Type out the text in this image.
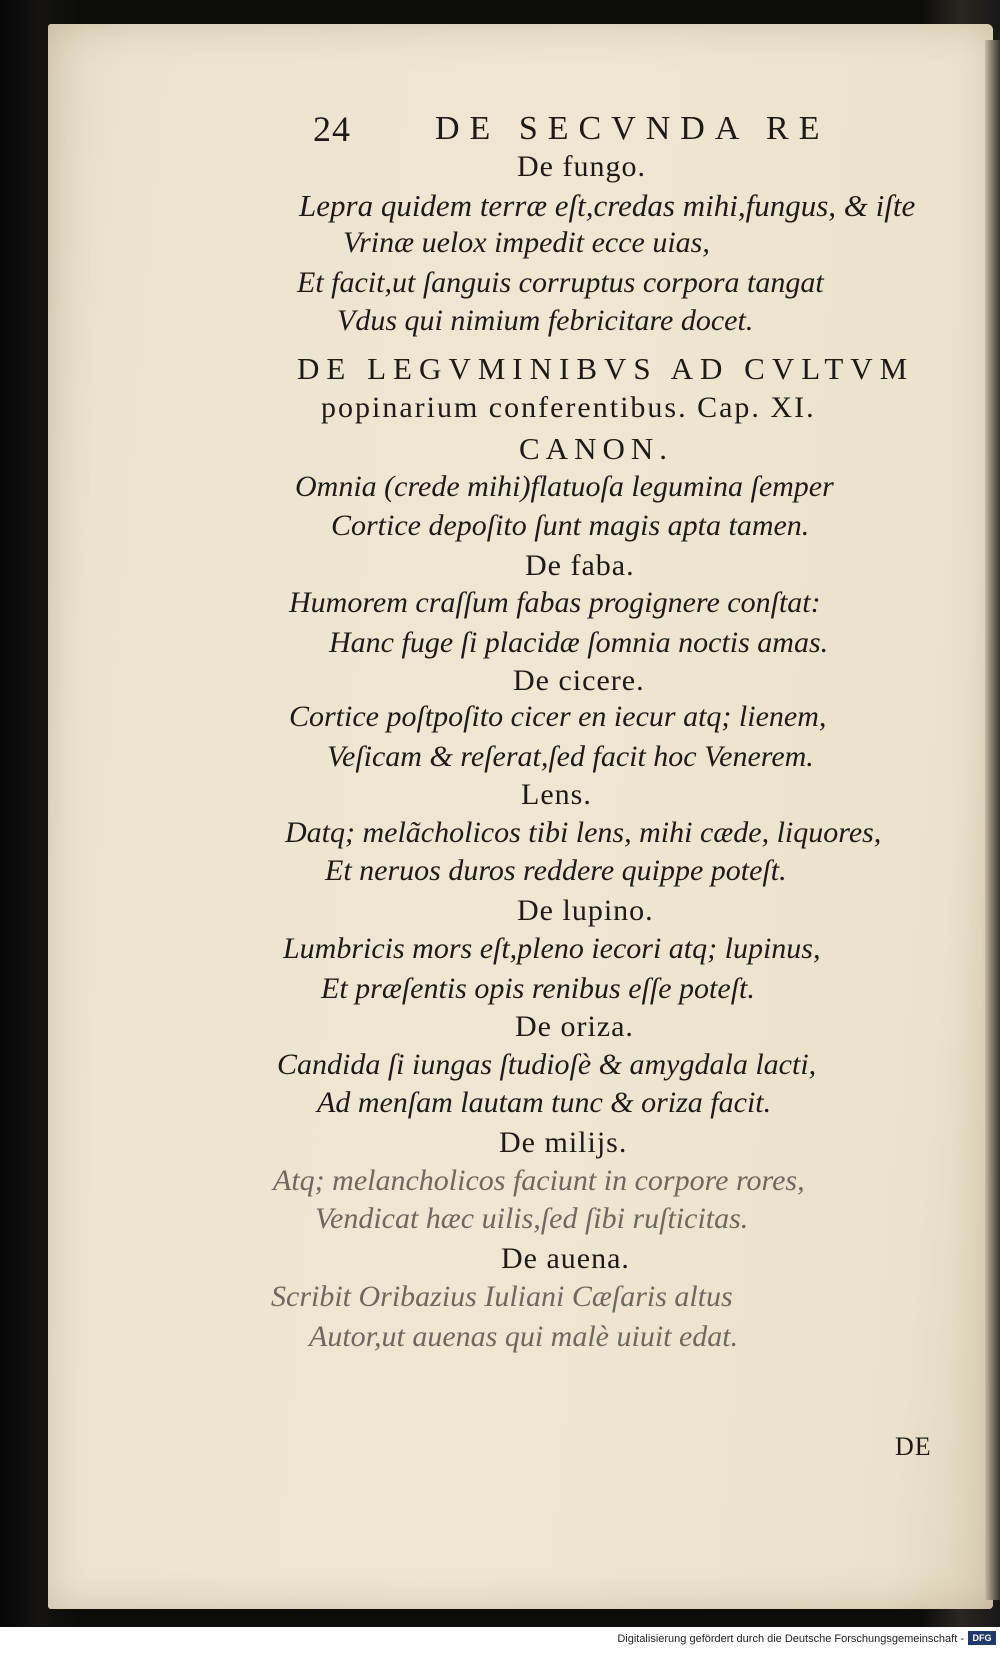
24 DE SECVNDA RE
De fungo.
Lepra quidem terræ eſt,credas mihi,fungus, & iſte
Vrinæ uelox impedit ecce uias,
Et facit,ut ſanguis corruptus corpora tangat
Vdus qui nimium febricitare docet.
DE LEGVMINIBVS AD CVLTVM
popinarium conferentibus. Cap. XI.
CANON.
Omnia (crede mihi)flatuoſa legumina ſemper
Cortice depoſito ſunt magis apta tamen.
De faba.
Humorem craſſum fabas progignere conſtat:
Hanc fuge ſi placidæ ſomnia noctis amas.
De cicere.
Cortice poſtpoſito cicer en iecur atq; lienem,
Veſicam & reſerat,ſed facit hoc Venerem.
Lens.
Datq; melãcholicos tibi lens, mihi cæde, liquores,
Et neruos duros reddere quippe poteſt.
De lupino.
Lumbricis mors eſt,pleno iecori atq; lupinus,
Et præſentis opis renibus eſſe poteſt.
De oriza.
Candida ſi iungas ſtudioſè & amygdala lacti,
Ad menſam lautam tunc & oriza facit.
De milijs.
Atq; melancholicos faciunt in corpore rores,
Vendicat hæc uilis,ſed ſibi ruſticitas.
De auena.
Scribit Oribazius Iuliani Cæſaris altus
Autor,ut auenas qui malè uiuit edat.
DE
Digitalisierung gefördert durch die Deutsche Forschungsgemeinschaft - DFG
